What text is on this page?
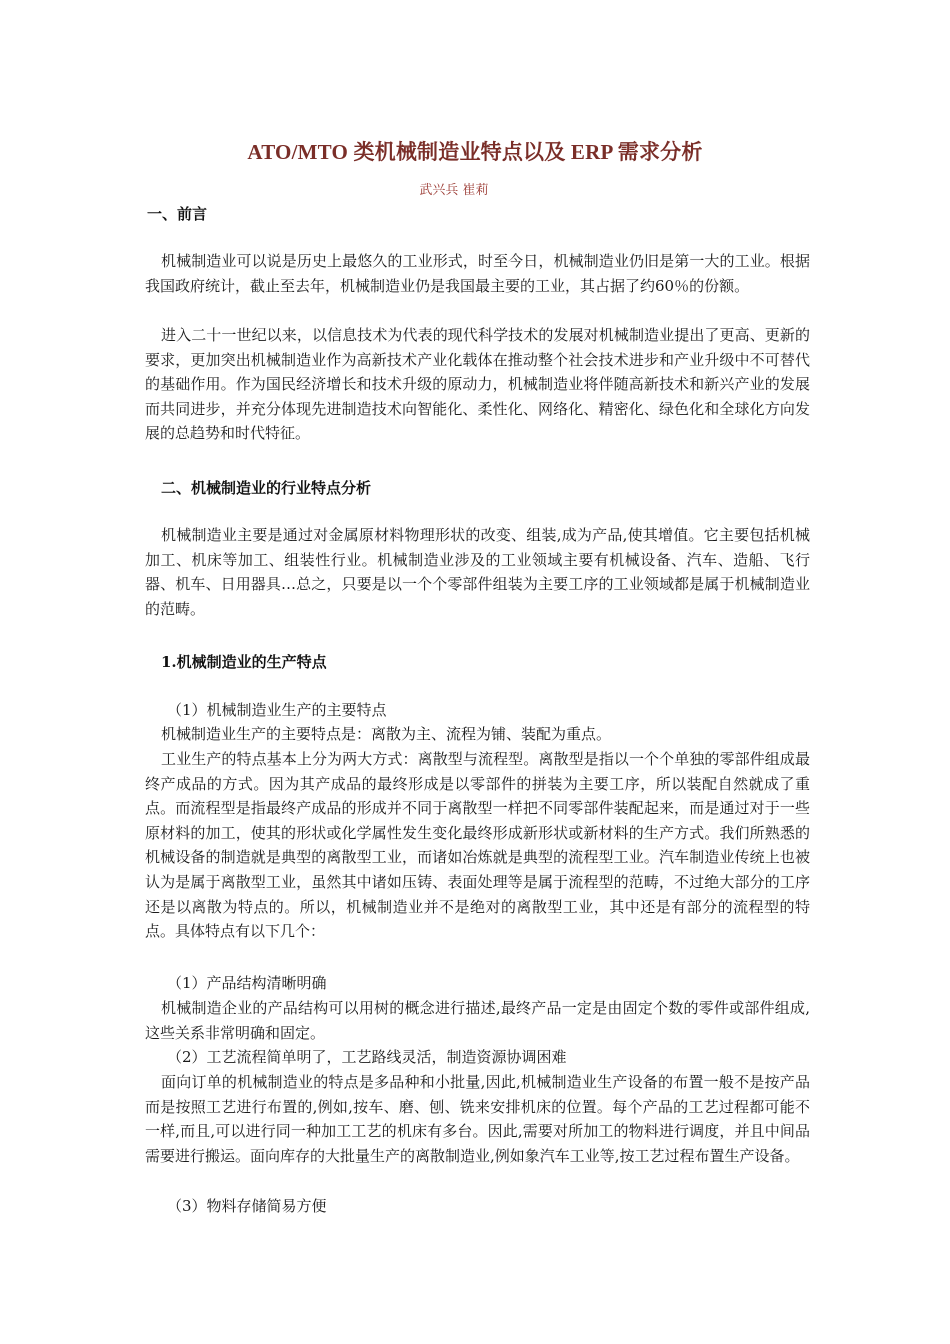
ATO/MTO 类机械制造业特点以及 ERP 需求分析
武兴兵 崔莉
一、前言
机械制造业可以说是历史上最悠久的工业形式，时至今日，机械制造业仍旧是第一大的工业。根据我国政府统计，截止至去年，机械制造业仍是我国最主要的工业，其占据了约60％的份额。
进入二十一世纪以来，以信息技术为代表的现代科学技术的发展对机械制造业提出了更高、更新的要求，更加突出机械制造业作为高新技术产业化载体在推动整个社会技术进步和产业升级中不可替代的基础作用。作为国民经济增长和技术升级的原动力，机械制造业将伴随高新技术和新兴产业的发展而共同进步，并充分体现先进制造技术向智能化、柔性化、网络化、精密化、绿色化和全球化方向发展的总趋势和时代特征。
二、机械制造业的行业特点分析
机械制造业主要是通过对金属原材料物理形状的改变、组装,成为产品,使其增值。它主要包括机械加工、机床等加工、组装性行业。机械制造业涉及的工业领域主要有机械设备、汽车、造船、飞行器、机车、日用器具…总之，只要是以一个个零部件组装为主要工序的工业领域都是属于机械制造业的范畴。
1.机械制造业的生产特点
（1）机械制造业生产的主要特点
机械制造业生产的主要特点是：离散为主、流程为铺、装配为重点。
工业生产的特点基本上分为两大方式：离散型与流程型。离散型是指以一个个单独的零部件组成最终产成品的方式。因为其产成品的最终形成是以零部件的拼装为主要工序，所以装配自然就成了重点。而流程型是指最终产成品的形成并不同于离散型一样把不同零部件装配起来，而是通过对于一些原材料的加工，使其的形状或化学属性发生变化最终形成新形状或新材料的生产方式。我们所熟悉的机械设备的制造就是典型的离散型工业，而诸如冶炼就是典型的流程型工业。汽车制造业传统上也被认为是属于离散型工业，虽然其中诸如压铸、表面处理等是属于流程型的范畴，不过绝大部分的工序还是以离散为特点的。所以，机械制造业并不是绝对的离散型工业，其中还是有部分的流程型的特点。具体特点有以下几个：
（1）产品结构清晰明确
机械制造企业的产品结构可以用树的概念进行描述,最终产品一定是由固定个数的零件或部件组成,这些关系非常明确和固定。
（2）工艺流程简单明了，工艺路线灵活，制造资源协调困难
面向订单的机械制造业的特点是多品种和小批量,因此,机械制造业生产设备的布置一般不是按产品而是按照工艺进行布置的,例如,按车、磨、刨、铣来安排机床的位置。每个产品的工艺过程都可能不一样,而且,可以进行同一种加工工艺的机床有多台。因此,需要对所加工的物料进行调度，并且中间品需要进行搬运。面向库存的大批量生产的离散制造业,例如象汽车工业等,按工艺过程布置生产设备。
（3）物料存储简易方便
